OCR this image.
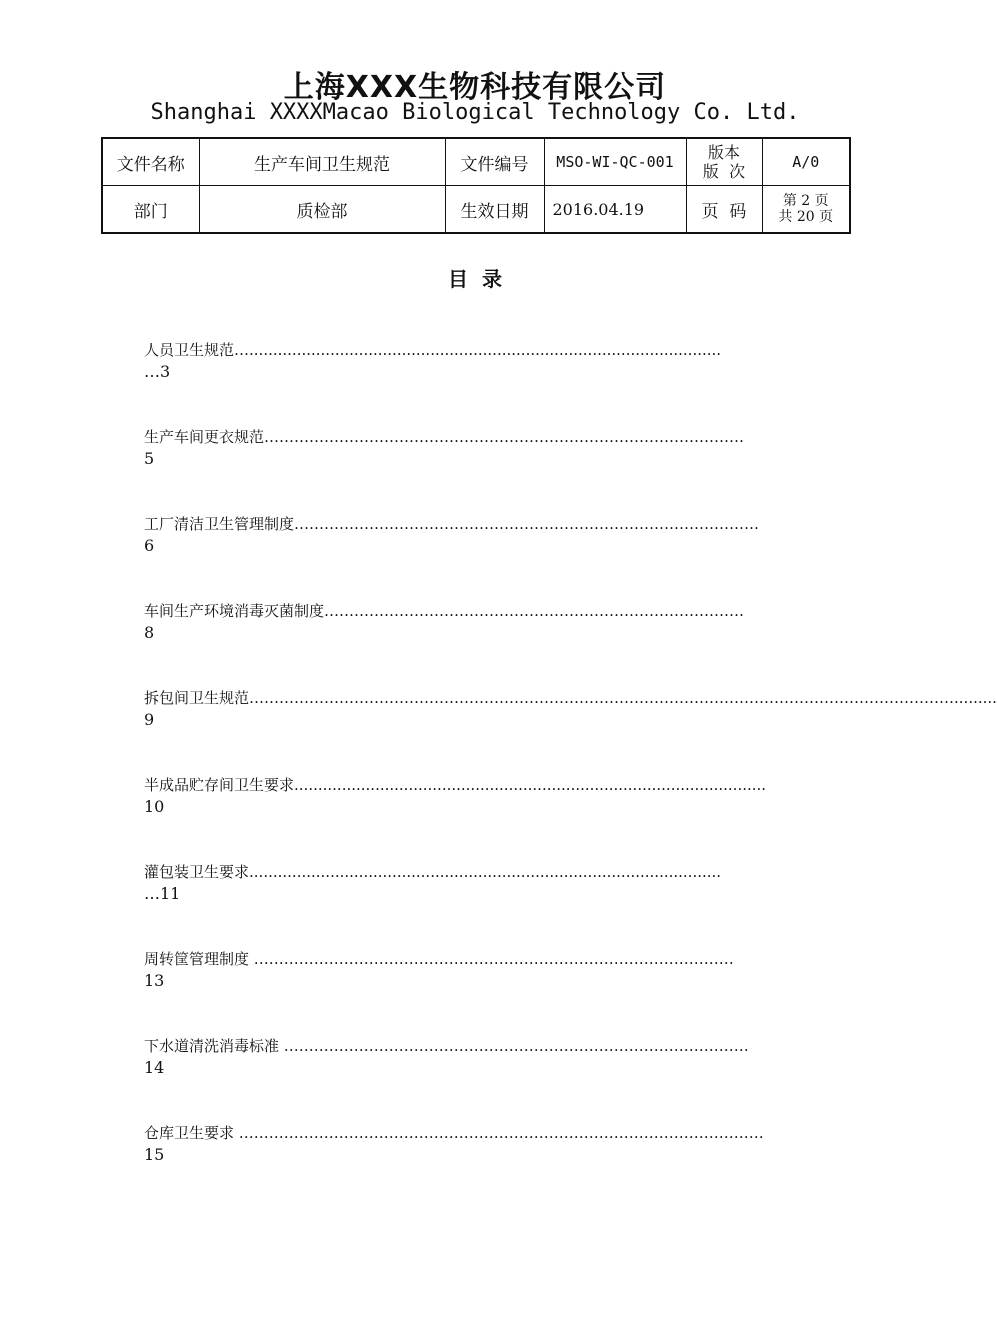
上海XXX生物科技有限公司
Shanghai XXXXMacao Biological Technology Co. Ltd.
文件名称	生产车间卫生规范	文件编号	MSO-WI-QC-001	版本
版  次	A/0
部门	质检部	生效日期	2016.04.19	页  码	第 2 页
共 20 页
目  录
人员卫生规范…...................................................................................................
…3
生产车间更衣规范……………………………………………………………………………………
5
工厂清洁卫生管理制度…………………………………………………………………………………
6
车间生产环境消毒灭菌制度…………………………………………………………………………
8
拆包间卫生规范…………………………………………………………………………………………………………………………….........
9
半成品贮存间卫生要求...................................................................................................
10
灌包装卫生要求...................................................................................................
…11
周转筐管理制度 ……………………………………………………………………………………
13
下水道清洗消毒标准 …………………………………………………………………………………
14
仓库卫生要求 ……………………………………………………………………………………………
15
